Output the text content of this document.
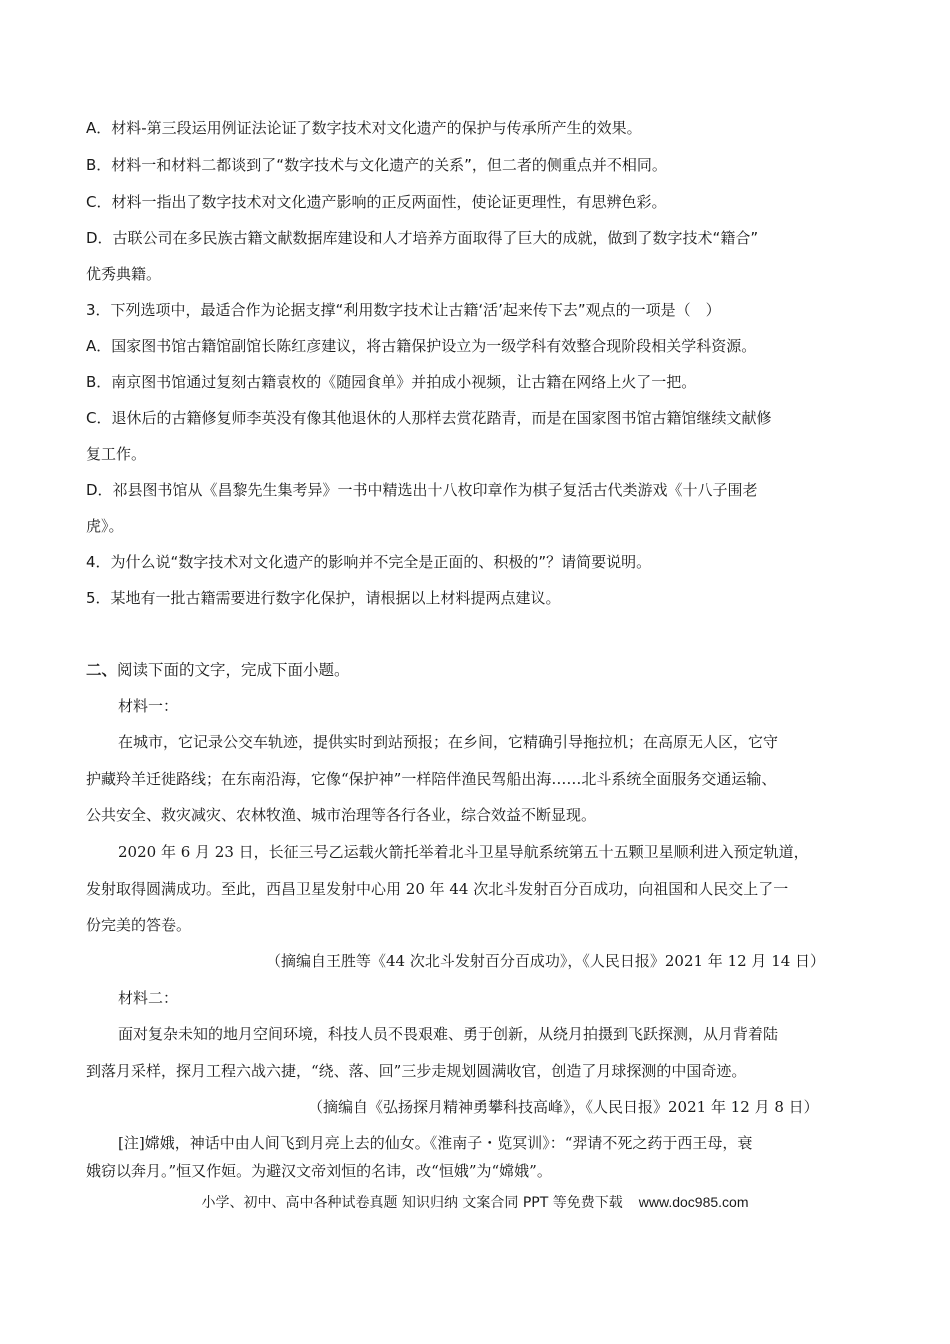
A．材料-第三段运用例证法论证了数字技术对文化遗产的保护与传承所产生的效果。
B．材料一和材料二都谈到了“数字技术与文化遗产的关系”，但二者的侧重点并不相同。
C．材料一指出了数字技术对文化遗产影响的正反两面性，使论证更理性，有思辨色彩。
D．古联公司在多民族古籍文献数据库建设和人才培养方面取得了巨大的成就，做到了数字技术“籍合”
优秀典籍。
3．下列选项中，最适合作为论据支撑“利用数字技术让古籍‘活’起来传下去”观点的一项是（　）
A．国家图书馆古籍馆副馆长陈红彦建议，将古籍保护设立为一级学科有效整合现阶段相关学科资源。
B．南京图书馆通过复刻古籍袁枚的《随园食单》并拍成小视频，让古籍在网络上火了一把。
C．退休后的古籍修复师李英没有像其他退休的人那样去赏花踏青，而是在国家图书馆古籍馆继续文献修
复工作。
D．祁县图书馆从《昌黎先生集考异》一书中精选出十八枚印章作为棋子复活古代类游戏《十八子围老
虎》。
4．为什么说“数字技术对文化遗产的影响并不完全是正面的、积极的”？请简要说明。
5．某地有一批古籍需要进行数字化保护，请根据以上材料提两点建议。
二、阅读下面的文字，完成下面小题。
材料一：
在城市，它记录公交车轨迹，提供实时到站预报；在乡间，它精确引导拖拉机；在高原无人区，它守
护藏羚羊迁徙路线；在东南沿海，它像“保护神”一样陪伴渔民驾船出海……北斗系统全面服务交通运输、
公共安全、救灾减灾、农林牧渔、城市治理等各行各业，综合效益不断显现。
2020 年 6 月 23 日，长征三号乙运载火箭托举着北斗卫星导航系统第五十五颗卫星顺利进入预定轨道，
发射取得圆满成功。至此，西昌卫星发射中心用 20 年 44 次北斗发射百分百成功，向祖国和人民交上了一
份完美的答卷。
（摘编自王胜等《44 次北斗发射百分百成功》，《人民日报》2021 年 12 月 14 日）
材料二：
面对复杂未知的地月空间环境，科技人员不畏艰难、勇于创新，从绕月拍摄到飞跃探测，从月背着陆
到落月采样，探月工程六战六捷，“绕、落、回”三步走规划圆满收官，创造了月球探测的中国奇迹。
（摘编自《弘扬探月精神勇攀科技高峰》，《人民日报》2021 年 12 月 8 日）
[注]嫦娥，神话中由人间飞到月亮上去的仙女。《淮南子・览冥训》：“羿请不死之药于西王母，衰
娥窃以奔月。”恒又作姮。为避汉文帝刘恒的名讳，改“恒娥”为“嫦娥”。
小学、初中、高中各种试卷真题 知识归纳 文案合同 PPT 等免费下载 www.doc985.com
